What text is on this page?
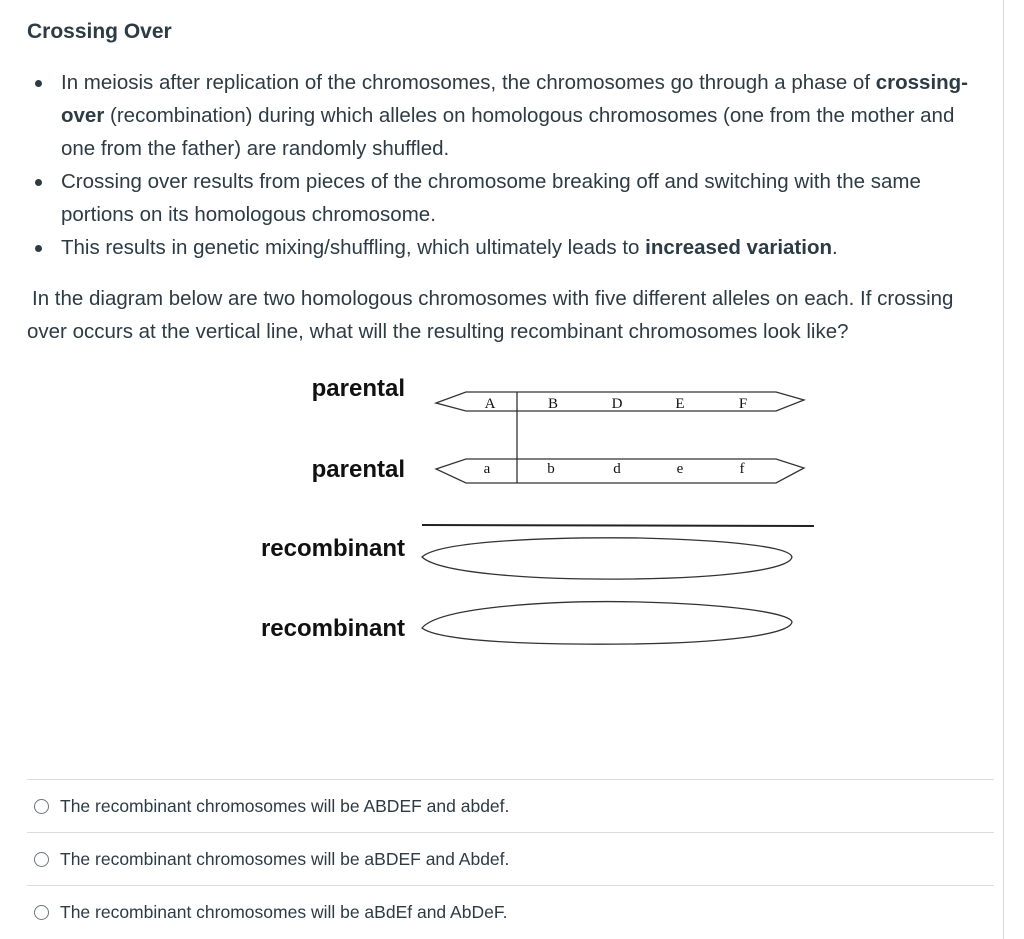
Crossing Over
In meiosis after replication of the chromosomes, the chromosomes go through a phase of crossing-over (recombination) during which alleles on homologous chromosomes (one from the mother and one from the father) are randomly shuffled.
Crossing over results from pieces of the chromosome breaking off and switching with the same portions on its homologous chromosome.
This results in genetic mixing/shuffling, which ultimately leads to increased variation.

In the diagram below are two homologous chromosomes with five different alleles on each. If crossing over occurs at the vertical line, what will the resulting recombinant chromosomes look like?

parental
parental
recombinant
recombinant
A	B	D	E	F
a	b	d	e	f
The recombinant chromosomes will be ABDEF and abdef.
The recombinant chromosomes will be aBDEF and Abdef.
The recombinant chromosomes will be aBdEf and AbDeF.
